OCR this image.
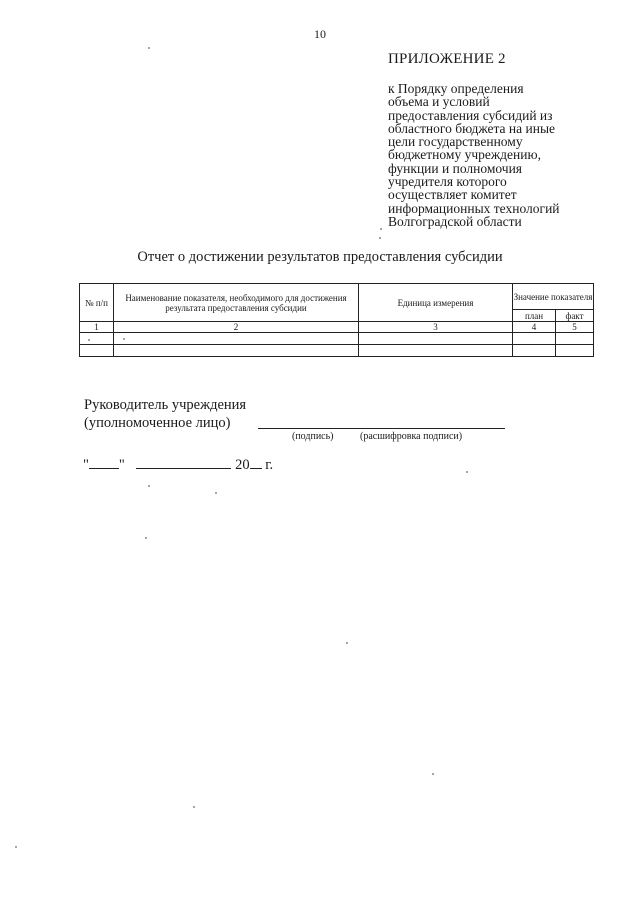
10
ПРИЛОЖЕНИЕ 2
к Порядку определения
объема и условий
предоставления субсидий из
областного бюджета на иные
цели государственному
бюджетному учреждению,
функции и полномочия
учредителя которого
осуществляет комитет
информационных технологий
Волгоградской области
Отчет о достижении результатов предоставления субсидии
№ п/п	Наименование показателя, необходимого для достижения результата предоставления субсидии	Единица измерения	Значение показателя	
			план	факт
1	2	3	4	5

Руководитель учреждения
(уполномоченное лицо)
(подпись)	(расшифровка подписи)
" "	20 г.
